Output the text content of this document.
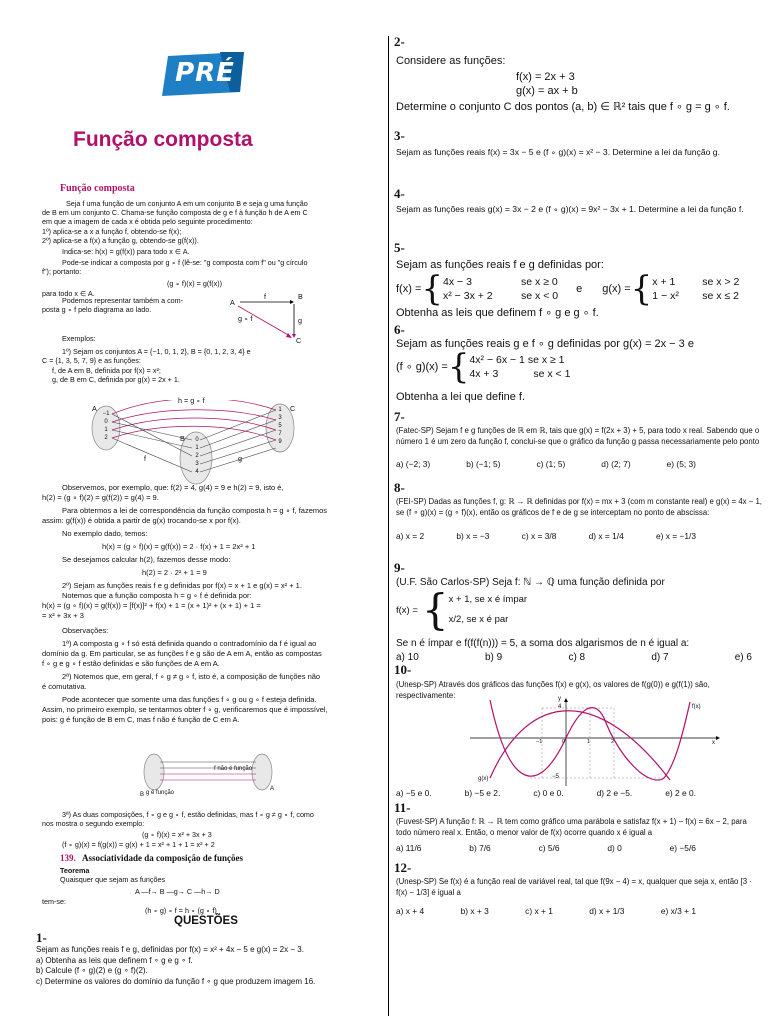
PRÉ
Função composta
Função composta
Seja f uma função de um conjunto A em um conjunto B e seja g uma função
de B em um conjunto C. Chama-se função composta de g e f à função h de A em C
em que a imagem de cada x é obtida pelo seguinte procedimento:
1º) aplica-se a x a função f, obtendo-se f(x);
2º) aplica-se a f(x) a função g, obtendo-se g(f(x)).
Indica-se: h(x) = g(f(x)) para todo x ∈ A.
Pode-se indicar a composta por g ∘ f (lê-se: "g composta com f" ou "g círculo
f"); portanto:
(g ∘ f)(x) = g(f(x))
para todo x ∈ A.
Podemos representar também a com-
posta g ∘ f pelo diagrama ao lado.
A
B
C
f
g
g ∘ f
Exemplos:
1º) Sejam os conjuntos A = {−1, 0, 1, 2}, B = {0, 1, 2, 3, 4} e
C = {1, 3, 5, 7, 9} e as funções:
f, de A em B, definida por f(x) = x²;
g, de B em C, definida por g(x) = 2x + 1.
h = g ∘ f
A	C
B
f	g
−1
0
1
2	0
1
2
3
4
1
3
5
7
9
Observemos, por exemplo, que: f(2) = 4, g(4) = 9 e h(2) = 9, isto é,
h(2) = (g ∘ f)(2) = g(f(2)) = g(4) = 9.
Para obtermos a lei de correspondência da função composta h = g ∘ f, fazemos
assim: g(f(x)) é obtida a partir de g(x) trocando-se x por f(x).
No exemplo dado, temos:
h(x) = (g ∘ f)(x) = g(f(x)) = 2 · f(x) + 1 = 2x² + 1
Se desejamos calcular h(2), fazemos desse modo:
h(2) = 2 · 2² + 1 = 9
2º) Sejam as funções reais f e g definidas por f(x) = x + 1 e g(x) = x² + 1.
Notemos que a função composta h = g ∘ f é definida por:
h(x) = (g ∘ f)(x) = g(f(x)) = [f(x)]² + f(x) + 1 = (x + 1)² + (x + 1) + 1 =
= x² + 3x + 3
Observações:
1ª) A composta g ∘ f só está definida quando o contradomínio da f é igual ao
domínio da g. Em particular, se as funções f e g são de A em A, então as compostas
f ∘ g e g ∘ f estão definidas e são funções de A em A.
2ª) Notemos que, em geral, f ∘ g ≠ g ∘ f, isto é, a composição de funções não
é comutativa.
Pode acontecer que somente uma das funções f ∘ g ou g ∘ f esteja definida.
Assim, no primeiro exemplo, se tentarmos obter f ∘ g, verificaremos que é impossível,
pois: g é função de B em C, mas f não é função de C em A.
f não é função
g é função
B
A
3ª) As duas composições, f ∘ g e g ∘ f, estão definidas, mas f ∘ g ≠ g ∘ f, como
nos mostra o segundo exemplo:
(g ∘ f)(x) = x² + 3x + 3
(f ∘ g)(x) = f(g(x)) = g(x) + 1 = x² + 1 + 1 = x² + 2
139. Associatividade da composição de funções
Teorema
Quaisquer que sejam as funções
A —f→ B —g→ C —h→ D
tem-se:
(h ∘ g) ∘ f = h ∘ (g ∘ f)
QUESTÕES
1-
Sejam as funções reais f e g, definidas por f(x) = x² + 4x − 5 e g(x) = 2x − 3.
a) Obtenha as leis que definem f ∘ g e g ∘ f.
b) Calcule (f ∘ g)(2) e (g ∘ f)(2).
c) Determine os valores do domínio da função f ∘ g que produzem imagem 16.
2-
Considere as funções:
f(x) = 2x + 3
g(x) = ax + b
Determine o conjunto C dos pontos (a, b) ∈ ℝ² tais que f ∘ g = g ∘ f.
3-
Sejam as funções reais f(x) = 3x − 5 e (f ∘ g)(x) = x² − 3. Determine a lei da função g.
4-
Sejam as funções reais g(x) = 3x − 2 e (f ∘ g)(x) = 9x² − 3x + 1. Determine a lei da função f.
5-
Sejam as funções reais f e g definidas por:
f(x) = { 4x − 3	se x ≥ 0
x² − 3x + 2	se x < 0
e g(x) = { x + 1	se x > 2
1 − x²	se x ≤ 2
Obtenha as leis que definem f ∘ g e g ∘ f.
6-
Sejam as funções reais g e f ∘ g definidas por g(x) = 2x − 3 e
(f ∘ g)(x) = { 4x² − 6x − 1 se x ≥ 1
4x + 3            se x < 1
Obtenha a lei que define f.
7-
(Fatec-SP) Sejam f e g funções de ℝ em ℝ, tais que g(x) = f(2x + 3) + 5, para todo x real. Sabendo que o número 1 é um zero da função f, conclui-se que o gráfico da função g passa necessariamente pelo ponto
a) (−2; 3)	b) (−1; 5)	c) (1; 5)	d) (2; 7)	e) (5; 3)
8-
(FEI-SP) Dadas as funções f, g: ℝ → ℝ definidas por f(x) = mx + 3 (com m constante real) e g(x) = 4x − 1, se (f ∘ g)(x) = (g ∘ f)(x), então os gráficos de f e de g se interceptam no ponto de abscissa:
a) x = 2	b) x = −3	c) x = 3/8	d) x = 1/4	e) x = −1/3
9-
(U.F. São Carlos-SP) Seja f: ℕ → ℚ uma função definida por
f(x) = { x + 1, se x é ímpar
x/2, se x é par
Se n é ímpar e f(f(f(n))) = 5, a soma dos algarismos de n é igual a:
a) 10	b) 9	c) 8	d) 7	e) 6
10-
(Unesp-SP) Através dos gráficos das funções f(x) e g(x), os valores de f(g(0)) e g(f(1)) são, respectivamente:	y
x
f(x)
g(x)
4
−5
−1	0	1	2
a) −5 e 0.	b) −5 e 2.	c) 0 e 0.	d) 2 e −5.	e) 2 e 0.
11-
(Fuvest-SP) A função f: ℝ → ℝ tem como gráfico uma parábola e satisfaz f(x + 1) − f(x) = 6x − 2, para todo número real x. Então, o menor valor de f(x) ocorre quando x é igual a
a) 11/6	b) 7/6	c) 5/6	d) 0	e) −5/6
12-
(Unesp-SP) Se f(x) é a função real de variável real, tal que f(9x − 4) = x, qualquer que seja x, então [3 · f(x) − 1/3] é igual a
a) x + 4	b) x + 3	c) x + 1	d) x + 1/3	e) x/3 + 1
